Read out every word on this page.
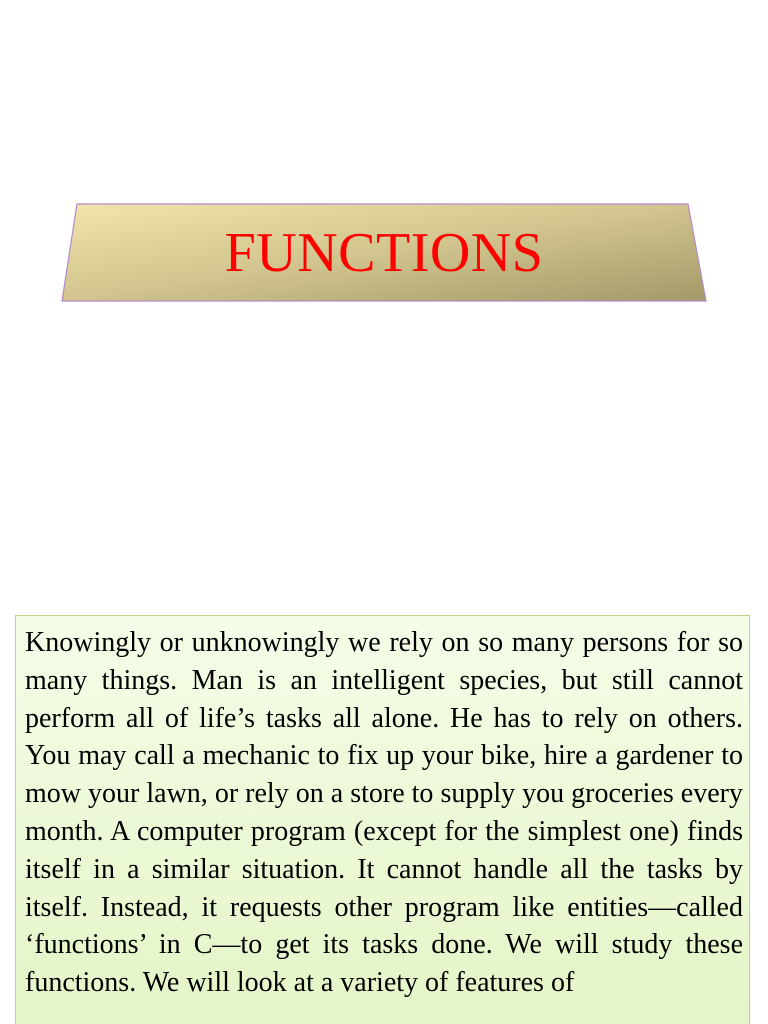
FUNCTIONS

Knowingly or unknowingly we rely on so many persons for so many things. Man is an intelligent species, but still cannot perform all of life’s tasks all alone. He has to rely on others. You may call a mechanic to fix up your bike, hire a gardener to mow your lawn, or rely on a store to supply you groceries every month. A computer program (except for the simplest one) finds itself in a similar situation. It cannot handle all the tasks by itself. Instead, it requests other program like entities—called ‘functions’ in C—to get its tasks done. We will study these functions. We will look at a variety of features of
